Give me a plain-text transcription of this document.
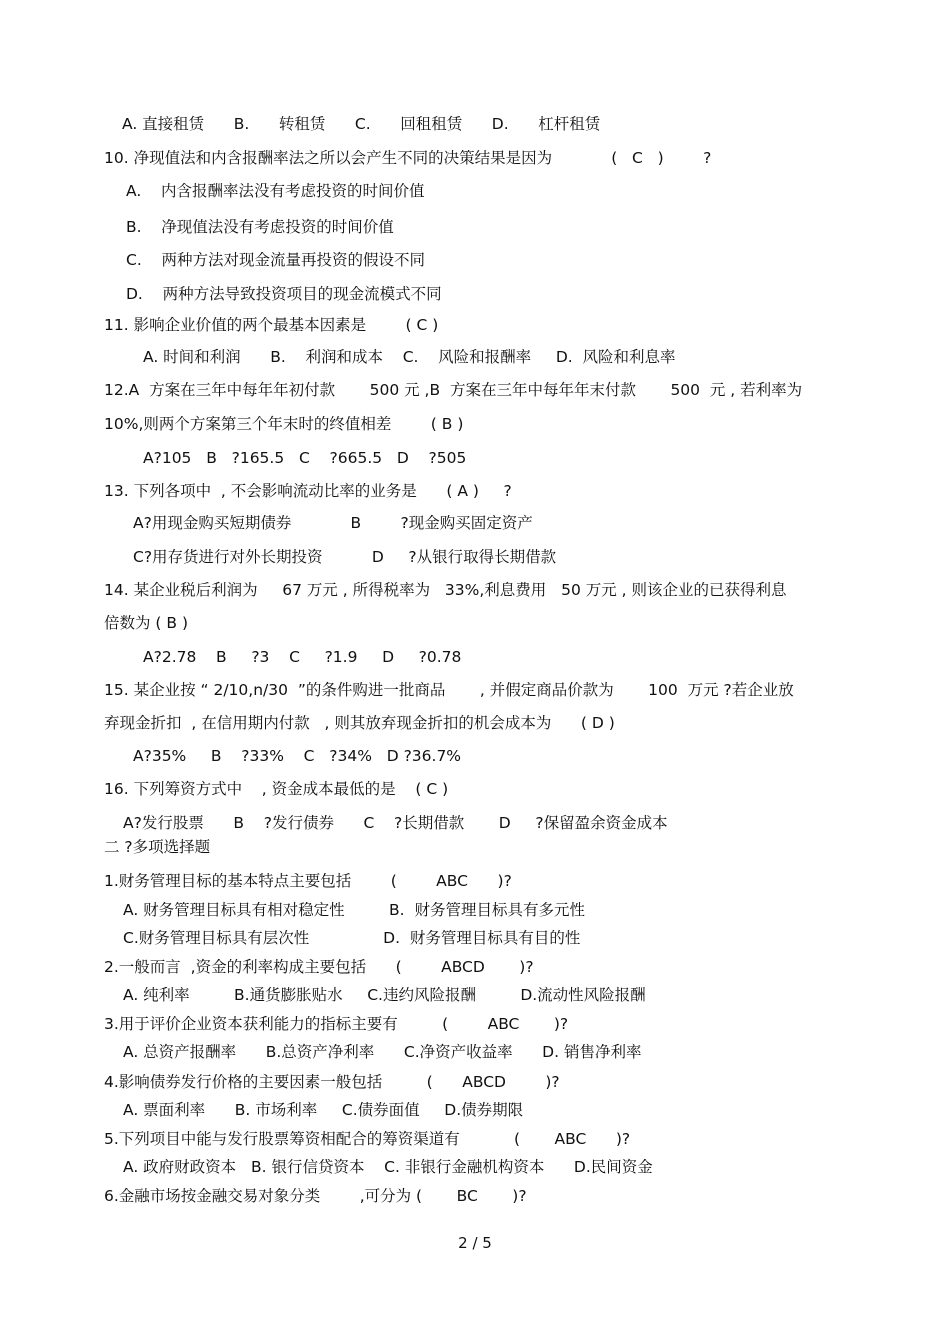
A. 直接租赁      B.      转租赁      C.      回租租赁      D.      杠杆租赁
10. 净现值法和内含报酬率法之所以会产生不同的决策结果是因为            (   C   )        ?
A.    内含报酬率法没有考虑投资的时间价值
B.    净现值法没有考虑投资的时间价值
C.    两种方法对现金流量再投资的假设不同
D.    两种方法导致投资项目的现金流模式不同
11. 影响企业价值的两个最基本因素是        ( C )
A. 时间和利润      B.    利润和成本    C.    风险和报酬率     D.  风险和利息率
12.A  方案在三年中每年年初付款       500 元 ,B  方案在三年中每年年末付款       500  元 , 若利率为
10%,则两个方案第三个年末时的终值相差        ( B )
A?105   B   ?165.5   C    ?665.5   D    ?505
13. 下列各项中  , 不会影响流动比率的业务是      ( A )     ?
A?用现金购买短期债券            B        ?现金购买固定资产
C?用存货进行对外长期投资          D     ?从银行取得长期借款
14. 某企业税后利润为     67 万元 , 所得税率为   33%,利息费用   50 万元 , 则该企业的已获得利息
倍数为 ( B )
A?2.78    B     ?3    C     ?1.9     D     ?0.78
15. 某企业按 “ 2/10,n/30  ”的条件购进一批商品       , 并假定商品价款为       100  万元 ?若企业放
弃现金折扣  , 在信用期内付款   , 则其放弃现金折扣的机会成本为      ( D )
A?35%     B    ?33%    C   ?34%   D ?36.7%
16. 下列筹资方式中    , 资金成本最低的是    ( C )
A?发行股票      B    ?发行债券      C    ?长期借款       D     ?保留盈余资金成本
二 ?多项选择题
1.财务管理目标的基本特点主要包括        (        ABC      )?
A. 财务管理目标具有相对稳定性         B.  财务管理目标具有多元性
C.财务管理目标具有层次性               D.  财务管理目标具有目的性
2.一般而言  ,资金的利率构成主要包括      (        ABCD       )?
A. 纯利率         B.通货膨胀贴水     C.违约风险报酬         D.流动性风险报酬
3.用于评价企业资本获利能力的指标主要有         (        ABC       )?
A. 总资产报酬率      B.总资产净利率      C.净资产收益率      D. 销售净利率
4.影响债券发行价格的主要因素一般包括         (      ABCD        )?
A. 票面利率      B. 市场利率     C.债券面值     D.债券期限
5.下列项目中能与发行股票筹资相配合的筹资渠道有           (       ABC      )?
A. 政府财政资本   B. 银行信贷资本    C. 非银行金融机构资本      D.民间资金
6.金融市场按金融交易对象分类        ,可分为 (       BC       )?
2 / 5
